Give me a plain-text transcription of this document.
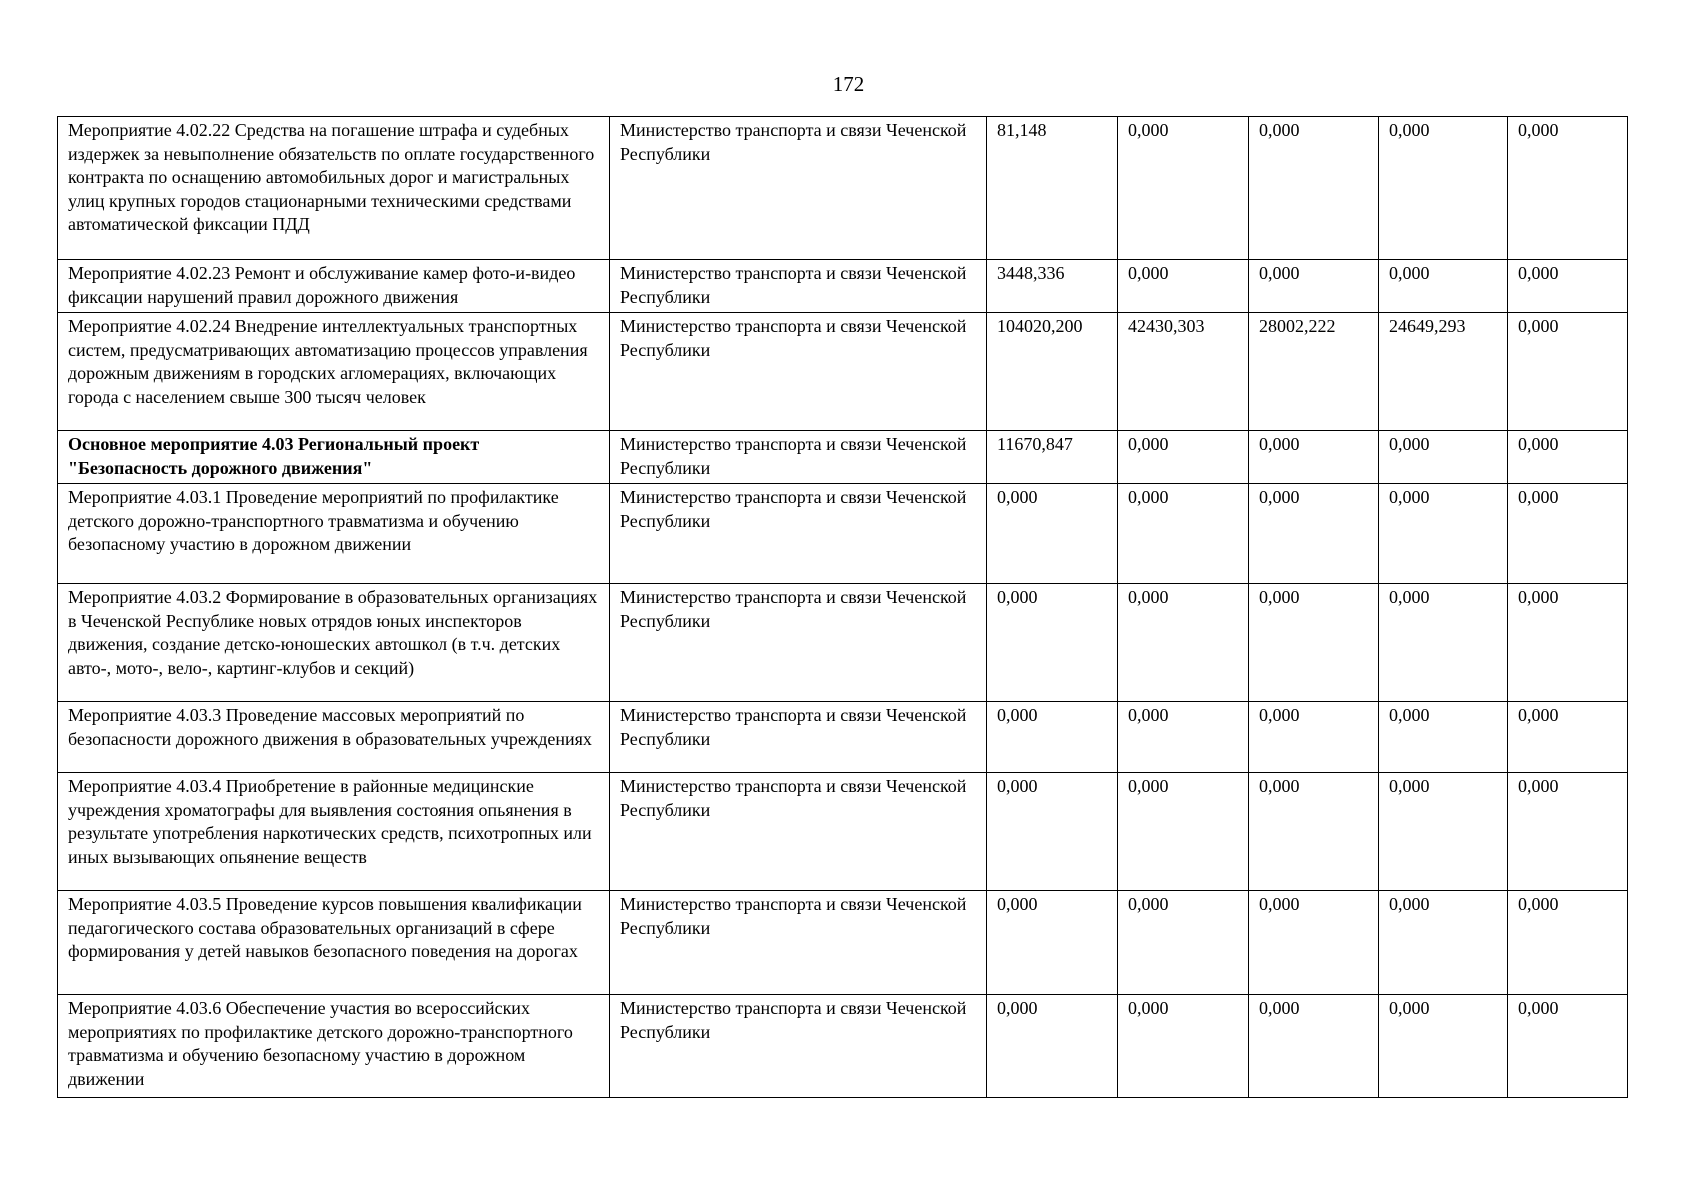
172
Мероприятие 4.02.22 Средства на погашение штрафа и судебных издержек за невыполнение обязательств по оплате государственного контракта по оснащению автомобильных дорог и магистральных улиц крупных городов стационарными техническими средствами автоматической фиксации ПДД	Министерство транспорта и связи Чеченской Республики	81,148	0,000	0,000	0,000	0,000
Мероприятие 4.02.23 Ремонт и обслуживание камер фото-и-видео фиксации нарушений правил дорожного движения	Министерство транспорта и связи Чеченской Республики	3448,336	0,000	0,000	0,000	0,000
Мероприятие 4.02.24 Внедрение интеллектуальных транспортных систем, предусматривающих автоматизацию процессов управления дорожным движениям в городских агломерациях, включающих города с населением свыше 300 тысяч человек	Министерство транспорта и связи Чеченской Республики	104020,200	42430,303	28002,222	24649,293	0,000
Основное мероприятие 4.03 Региональный проект "Безопасность дорожного движения"	Министерство транспорта и связи Чеченской Республики	11670,847	0,000	0,000	0,000	0,000
Мероприятие 4.03.1 Проведение мероприятий по профилактике детского дорожно-транспортного травматизма и обучению безопасному участию в дорожном движении	Министерство транспорта и связи Чеченской Республики	0,000	0,000	0,000	0,000	0,000
Мероприятие 4.03.2 Формирование в образовательных организациях в Чеченской Республике новых отрядов юных инспекторов движения, создание детско-юношеских автошкол (в т.ч. детских авто-, мото-, вело-, картинг-клубов и секций)	Министерство транспорта и связи Чеченской Республики	0,000	0,000	0,000	0,000	0,000
Мероприятие 4.03.3 Проведение массовых мероприятий по безопасности дорожного движения в образовательных учреждениях	Министерство транспорта и связи Чеченской Республики	0,000	0,000	0,000	0,000	0,000
Мероприятие 4.03.4 Приобретение в районные медицинские учреждения хроматографы для выявления состояния опьянения в результате употребления наркотических средств, психотропных или иных вызывающих опьянение веществ	Министерство транспорта и связи Чеченской Республики	0,000	0,000	0,000	0,000	0,000
Мероприятие 4.03.5 Проведение курсов повышения квалификации педагогического состава образовательных организаций в сфере формирования у детей навыков безопасного поведения на дорогах	Министерство транспорта и связи Чеченской Республики	0,000	0,000	0,000	0,000	0,000
Мероприятие 4.03.6 Обеспечение участия во всероссийских мероприятиях по профилактике детского дорожно-транспортного травматизма и обучению безопасному участию в дорожном движении	Министерство транспорта и связи Чеченской Республики	0,000	0,000	0,000	0,000	0,000
